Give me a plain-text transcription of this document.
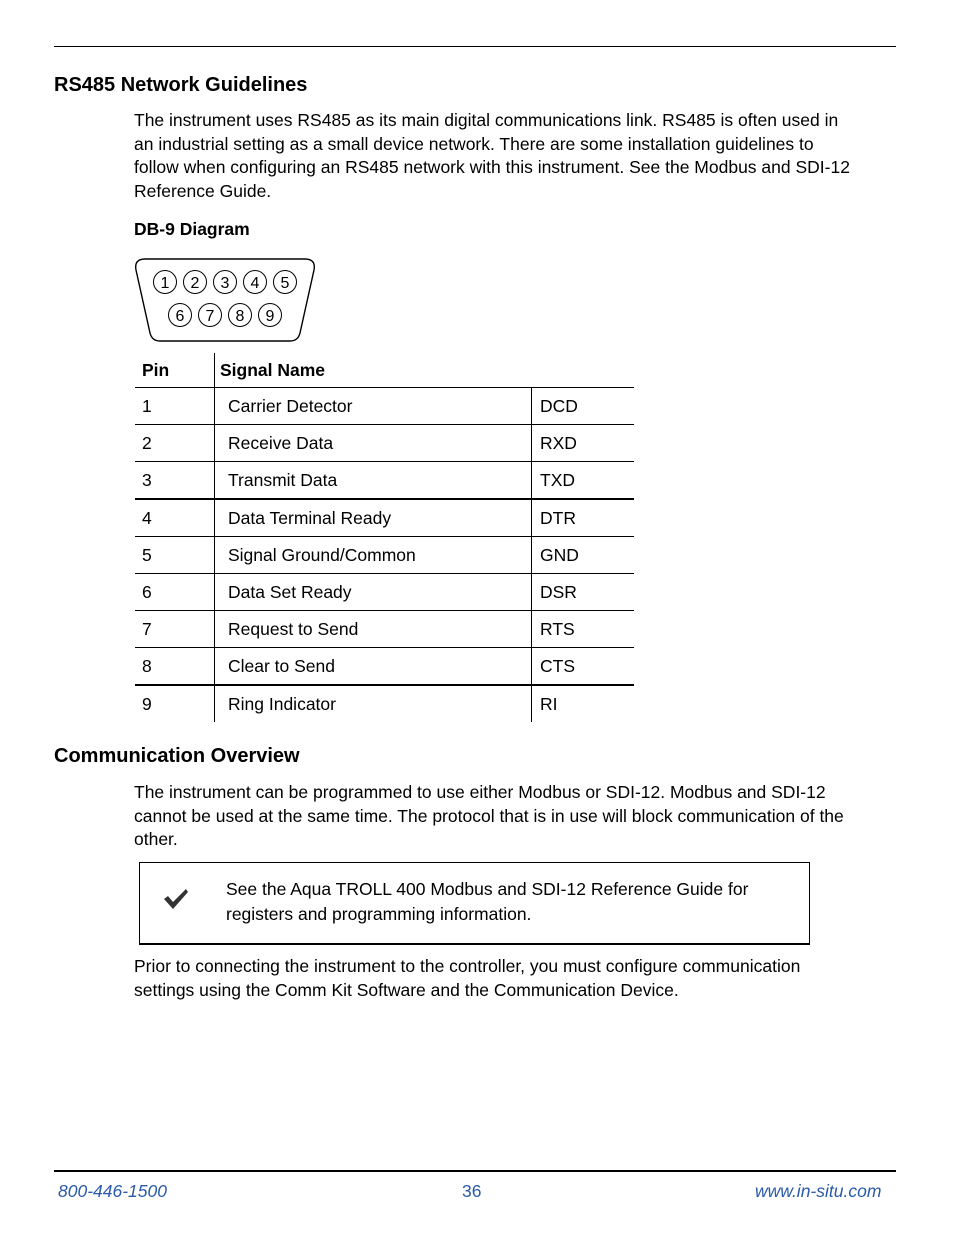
RS485 Network Guidelines

The instrument uses RS485 as its main digital communications link. RS485 is often used in an industrial setting as a small device network. There are some installation guidelines to follow when configuring an RS485 network with this instrument. See the Modbus and SDI-12 Reference Guide.

DB-9 Diagram

1 2 3 4 5
6 7 8 9
Pin	Signal Name	
1	Carrier Detector	DCD
2	Receive Data	RXD
3	Transmit Data	TXD
4	Data Terminal Ready	DTR
5	Signal Ground/Common	GND
6	Data Set Ready	DSR
7	Request to Send	RTS
8	Clear to Send	CTS
9	Ring Indicator	RI
Communication Overview

The instrument can be programmed to use either Modbus or SDI-12. Modbus and SDI-12 cannot be used at the same time. The protocol that is in use will block communication of the other.

See the Aqua TROLL 400 Modbus and SDI-12 Reference Guide for registers and programming information.

Prior to connecting the instrument to the controller, you must configure communication settings using the Comm Kit Software and the Communication Device.

800-446-1500	36	www.in-situ.com
